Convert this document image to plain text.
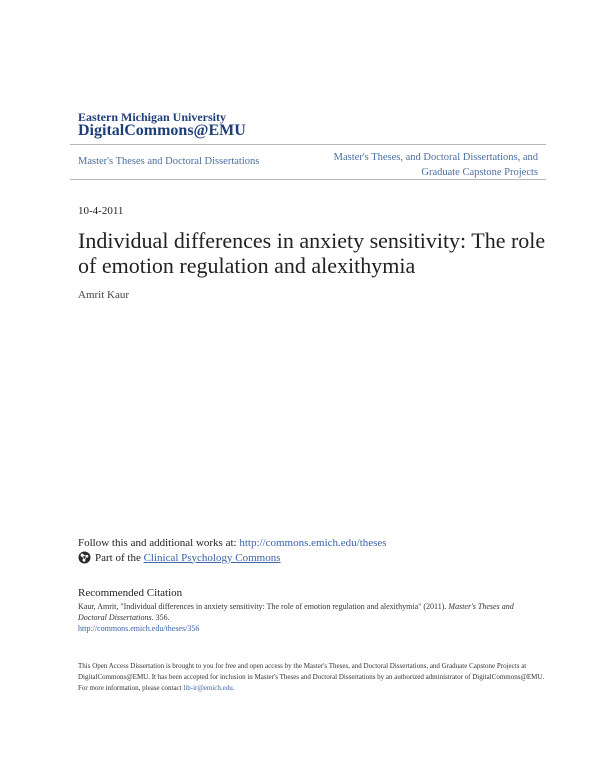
Eastern Michigan University
DigitalCommons@EMU
Master's Theses and Doctoral Dissertations	Master's Theses, and Doctoral Dissertations, and Graduate Capstone Projects
10-4-2011
Individual differences in anxiety sensitivity: The role of emotion regulation and alexithymia
Amrit Kaur
Follow this and additional works at: http://commons.emich.edu/theses
Part of the
Clinical Psychology Commons
Recommended Citation
Kaur, Amrit, "Individual differences in anxiety sensitivity: The role of emotion regulation and alexithymia" (2011). Master's Theses and Doctoral Dissertations. 356.
http://commons.emich.edu/theses/356
This Open Access Dissertation is brought to you for free and open access by the Master's Theses, and Doctoral Dissertations, and Graduate Capstone Projects at DigitalCommons@EMU. It has been accepted for inclusion in Master's Theses and Doctoral Dissertations by an authorized administrator of DigitalCommons@EMU. For more information, please contact lib-ir@emich.edu.
